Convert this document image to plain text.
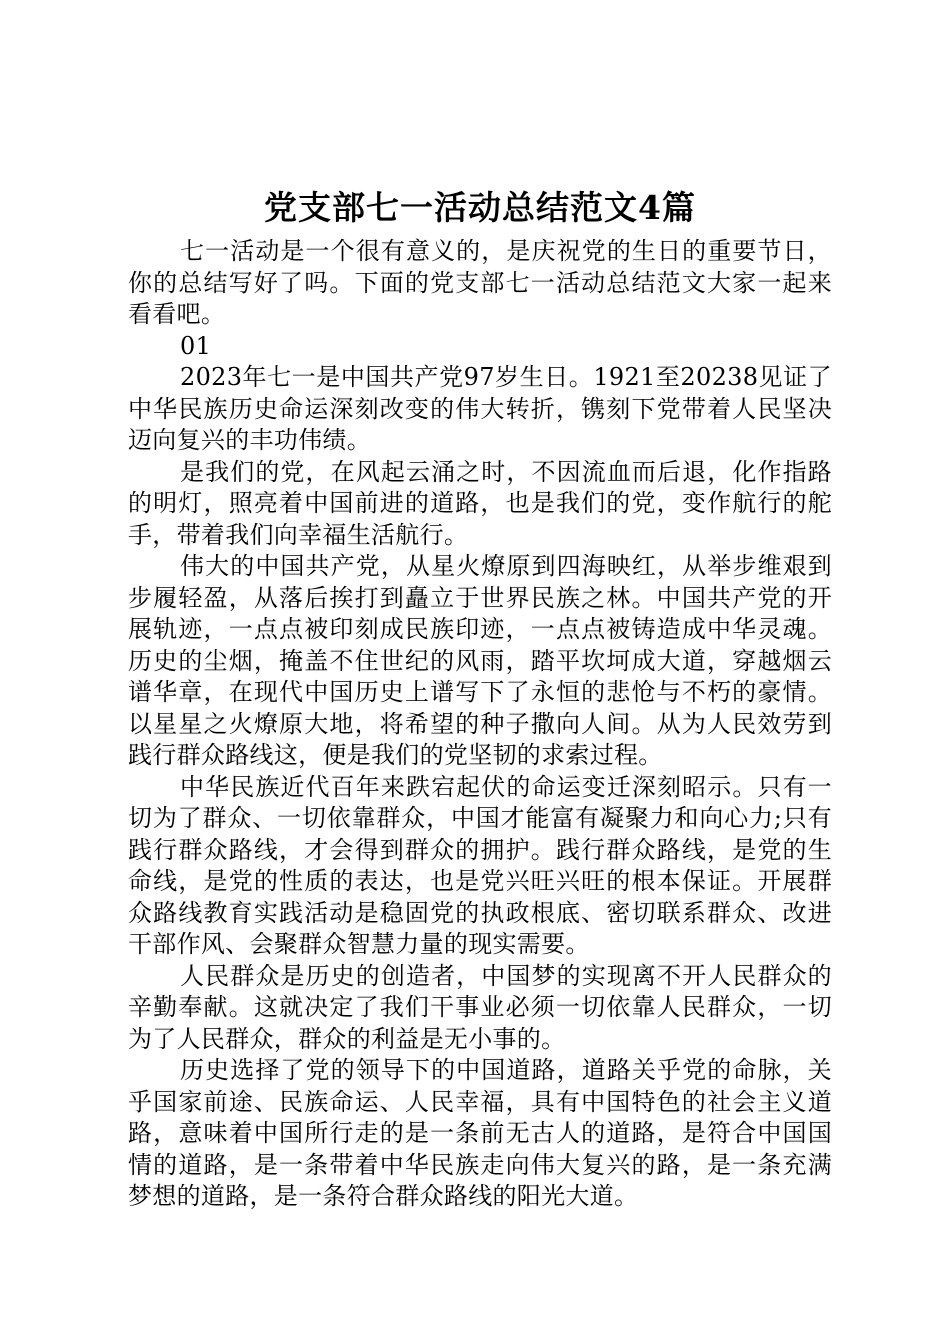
党支部七一活动总结范文4篇

七一活动是一个很有意义的，是庆祝党的生日的重要节日，你的总结写好了吗。下面的党支部七一活动总结范文大家一起来看看吧。

01

2023年七一是中国共产党97岁生日。1921至20238见证了中华民族历史命运深刻改变的伟大转折，镌刻下党带着人民坚决迈向复兴的丰功伟绩。

是我们的党，在风起云涌之时，不因流血而后退，化作指路的明灯，照亮着中国前进的道路，也是我们的党，变作航行的舵手，带着我们向幸福生活航行。

伟大的中国共产党，从星火燎原到四海映红，从举步维艰到步履轻盈，从落后挨打到矗立于世界民族之林。中国共产党的开展轨迹，一点点被印刻成民族印迹，一点点被铸造成中华灵魂。历史的尘烟，掩盖不住世纪的风雨，踏平坎坷成大道，穿越烟云谱华章，在现代中国历史上谱写下了永恒的悲怆与不朽的豪情。以星星之火燎原大地，将希望的种子撒向人间。从为人民效劳到践行群众路线这，便是我们的党坚韧的求索过程。

中华民族近代百年来跌宕起伏的命运变迁深刻昭示。只有一切为了群众、一切依靠群众，中国才能富有凝聚力和向心力;只有践行群众路线，才会得到群众的拥护。践行群众路线，是党的生命线，是党的性质的表达，也是党兴旺兴旺的根本保证。开展群众路线教育实践活动是稳固党的执政根底、密切联系群众、改进干部作风、会聚群众智慧力量的现实需要。

人民群众是历史的创造者，中国梦的实现离不开人民群众的辛勤奉献。这就决定了我们干事业必须一切依靠人民群众，一切为了人民群众，群众的利益是无小事的。

历史选择了党的领导下的中国道路，道路关乎党的命脉，关乎国家前途、民族命运、人民幸福，具有中国特色的社会主义道路，意味着中国所行走的是一条前无古人的道路，是符合中国国情的道路，是一条带着中华民族走向伟大复兴的路，是一条充满梦想的道路，是一条符合群众路线的阳光大道。
